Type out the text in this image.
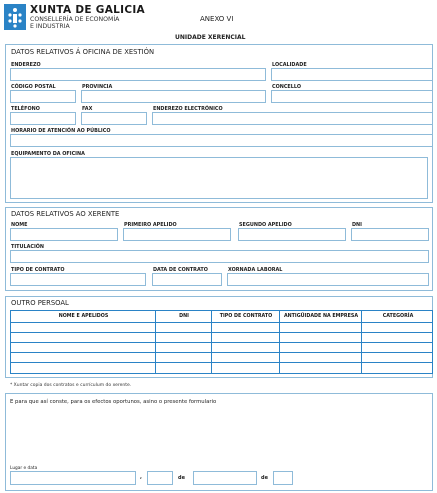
XUNTA DE GALICIA
CONSELLERÍA DE ECONOMÍA
E INDUSTRIA
ANEXO VI
UNIDADE XERENCIAL
DATOS RELATIVOS Á OFICINA DE XESTIÓN
ENDEREZO	LOCALIDADE
CÓDIGO POSTAL	PROVINCIA	CONCELLO
TELÉFONO	FAX	ENDEREZO ELECTRÓNICO
HORARIO DE ATENCIÓN AO PÚBLICO
EQUIPAMENTO DA OFICINA
DATOS RELATIVOS AO XERENTE
NOME	PRIMEIRO APELIDO	SEGUNDO APELIDO	DNI
TITULACIÓN
TIPO DE CONTRATO	DATA DE CONTRATO	XORNADA LABORAL
OUTRO PERSOAL
NOME E APELIDOS	DNI	TIPO DE CONTRATO	ANTIGÜIDADE NA EMPRESA	CATEGORÍA
* Xuntar copia dos contratos e currículum do xerente.
E para que así conste, para os efectos oportunos, asino o presente formulario
Lugar e data
,	de	de
